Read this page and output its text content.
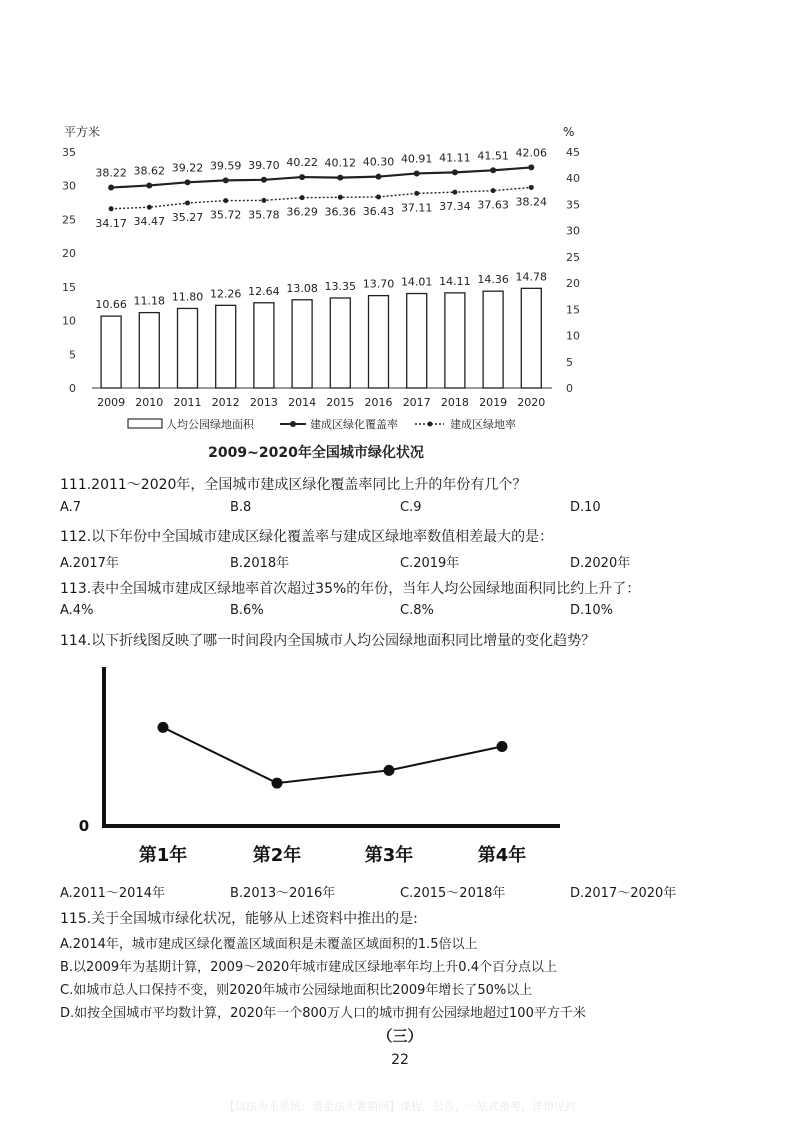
平方米	%
0
5
10
15
20
25
30
35
0
5
10
15
20
25
30
35
40
45
10.66 11.18 11.80 12.26 12.64 13.08 13.35 13.70 14.01 14.11 14.36 14.78
2009 2010 2011 2012 2013 2014 2015 2016 2017 2018 2019 2020
38.22 38.62 39.22 39.59 39.70 40.22 40.12 40.30 40.91 41.11 41.51 42.06
34.17 34.47 35.27 35.72 35.78 36.29 36.36 36.43 37.11 37.34 37.63 38.24
人均公园绿地面积	建成区绿化覆盖率	建成区绿地率
2009~2020年全国城市绿化状况
111.2011～2020年，全国城市建成区绿化覆盖率同比上升的年份有几个？
A.7	B.8	C.9	D.10
112.以下年份中全国城市建成区绿化覆盖率与建成区绿地率数值相差最大的是：
A.2017年	B.2018年	C.2019年	D.2020年
113.表中全国城市建成区绿地率首次超过35%的年份，当年人均公园绿地面积同比约上升了：
A.4%	B.6%	C.8%	D.10%
114.以下折线图反映了哪一时间段内全国城市人均公园绿地面积同比增量的变化趋势？
0
第1年	第2年	第3年	第4年
A.2011～2014年	B.2013～2016年	C.2015～2018年	D.2017～2020年
115.关于全国城市绿化状况，能够从上述资料中推出的是:
A.2014年，城市建成区绿化覆盖区域面积是未覆盖区域面积的1.5倍以上
B.以2009年为基期计算，2009～2020年城市建成区绿地率年均上升0.4个百分点以上
C.如城市总人口保持不变，则2020年城市公园绿地面积比2009年增长了50%以上
D.如按全国城市平均数计算，2020年一个800万人口的城市拥有公园绿地超过100平方千米
（三）
22
【以法为王系统：道是法大署期问】课程，公告，一站式备考，详情见封
